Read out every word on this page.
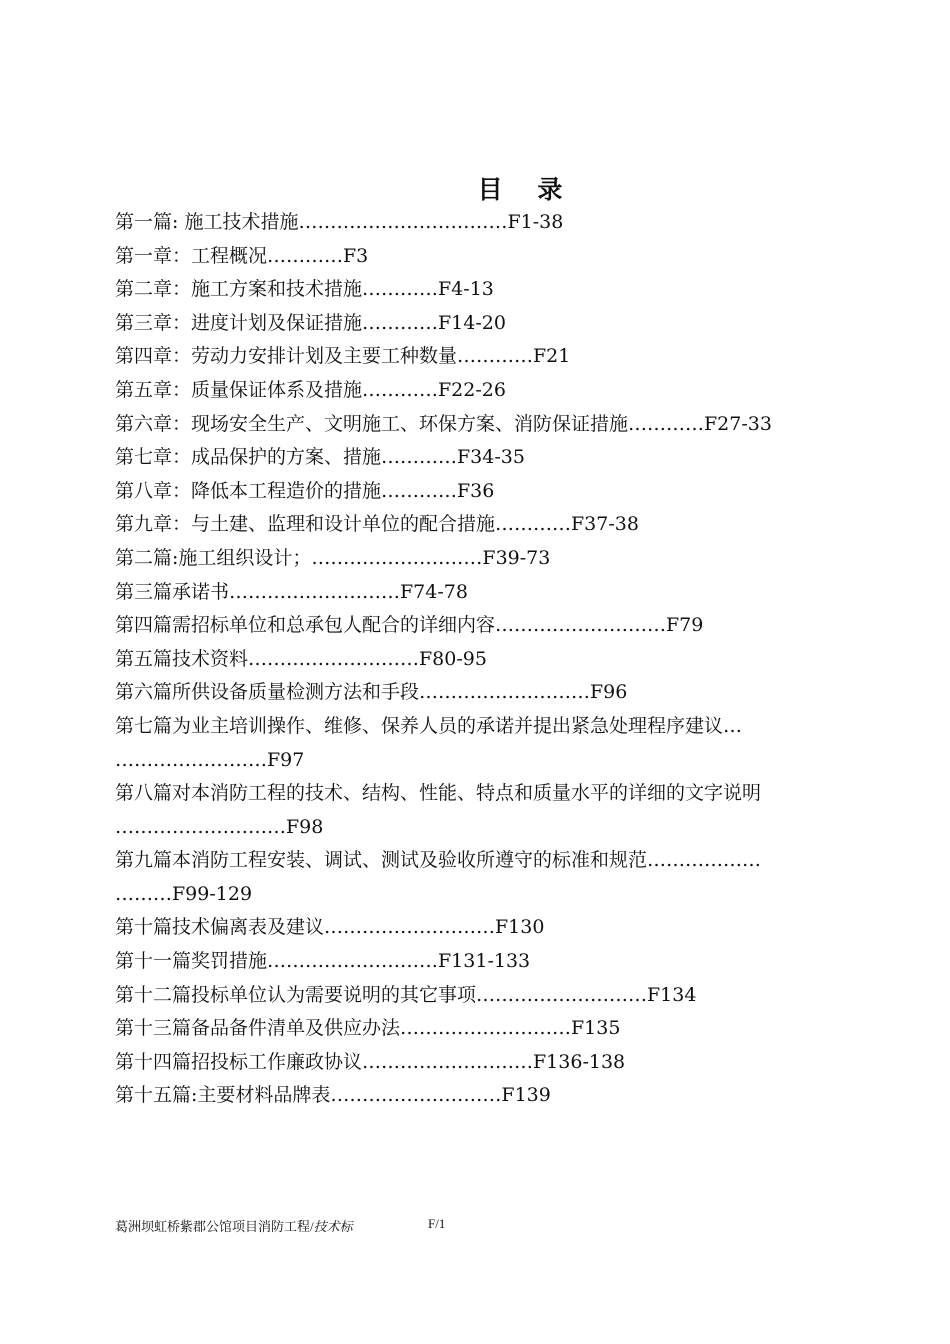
目    录
第一篇: 施工技术措施……………………………F1-38
第一章：工程概况…………F3
第二章：施工方案和技术措施…………F4-13
第三章：进度计划及保证措施…………F14-20
第四章：劳动力安排计划及主要工种数量…………F21
第五章：质量保证体系及措施…………F22-26
第六章：现场安全生产、文明施工、环保方案、消防保证措施…………F27-33
第七章：成品保护的方案、措施…………F34-35
第八章：降低本工程造价的措施…………F36
第九章：与土建、监理和设计单位的配合措施…………F37-38
第二篇:施工组织设计；………………………F39-73
第三篇承诺书………………………F74-78
第四篇需招标单位和总承包人配合的详细内容………………………F79
第五篇技术资料………………………F80-95
第六篇所供设备质量检测方法和手段………………………F96
第七篇为业主培训操作、维修、保养人员的承诺并提出紧急处理程序建议…
……………………F97
第八篇对本消防工程的技术、结构、性能、特点和质量水平的详细的文字说明
………………………F98
第九篇本消防工程安装、调试、测试及验收所遵守的标准和规范………………
………F99-129
第十篇技术偏离表及建议………………………F130
第十一篇奖罚措施………………………F131-133
第十二篇投标单位认为需要说明的其它事项………………………F134
第十三篇备品备件清单及供应办法………………………F135
第十四篇招投标工作廉政协议………………………F136-138
第十五篇:主要材料品牌表………………………F139
葛洲坝虹桥紫郡公馆项目消防工程/技术标	F/1
